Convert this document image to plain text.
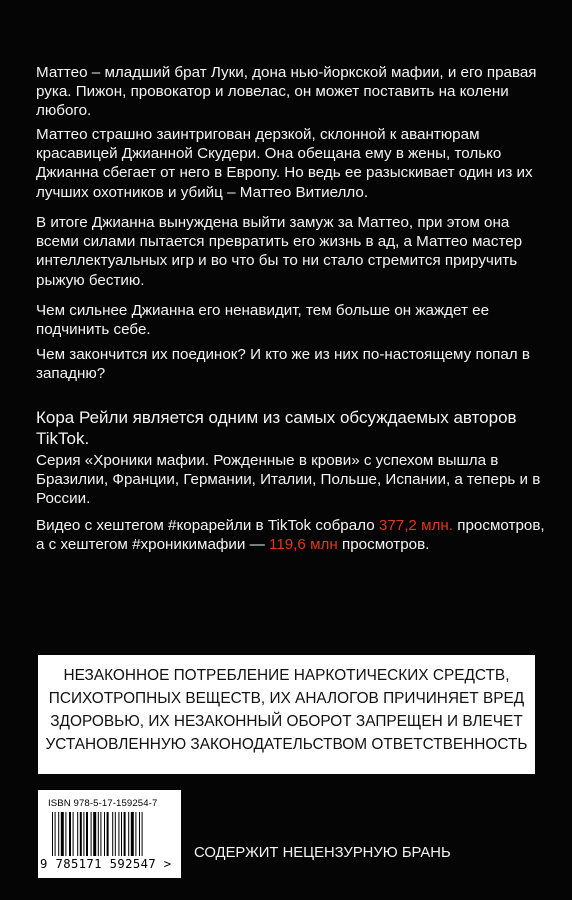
Маттео – младший брат Луки, дона нью-йоркской мафии, и его правая рука. Пижон, провокатор и ловелас, он может поставить на колени любого.

Маттео страшно заинтригован дерзкой, склонной к авантюрам красавицей Джианной Скудери. Она обещана ему в жены, только Джианна сбегает от него в Европу. Но ведь ее разыскивает один из их лучших охотников и убийц – Маттео Витиелло.

В итоге Джианна вынуждена выйти замуж за Маттео, при этом она всеми силами пытается превратить его жизнь в ад, а Маттео мастер интеллектуальных игр и во что бы то ни стало стремится приручить рыжую бестию.

Чем сильнее Джианна его ненавидит, тем больше он жаждет ее подчинить себе.

Чем закончится их поединок? И кто же из них по-настоящему попал в западню?

Кора Рейли является одним из самых обсуждаемых авторов TikTok.

Серия «Хроники мафии. Рожденные в крови» с успехом вышла в Бразилии, Франции, Германии, Италии, Польше, Испании, а теперь и в России.

Видео с хештегом #корарейли в TikTok собрало 377,2 млн. просмотров, а с хештегом #хроникимафии — 119,6 млн просмотров.

НЕЗАКОННОЕ ПОТРЕБЛЕНИЕ НАРКОТИЧЕСКИХ СРЕДСТВ,
ПСИХОТРОПНЫХ ВЕЩЕСТВ, ИХ АНАЛОГОВ ПРИЧИНЯЕТ ВРЕД
ЗДОРОВЬЮ, ИХ НЕЗАКОННЫЙ ОБОРОТ ЗАПРЕЩЕН И ВЛЕЧЕТ
УСТАНОВЛЕННУЮ ЗАКОНОДАТЕЛЬСТВОМ ОТВЕТСТВЕННОСТЬ
ISBN 978-5-17-159254-7
9 785171 592547 >
СОДЕРЖИТ НЕЦЕНЗУРНУЮ БРАНЬ
